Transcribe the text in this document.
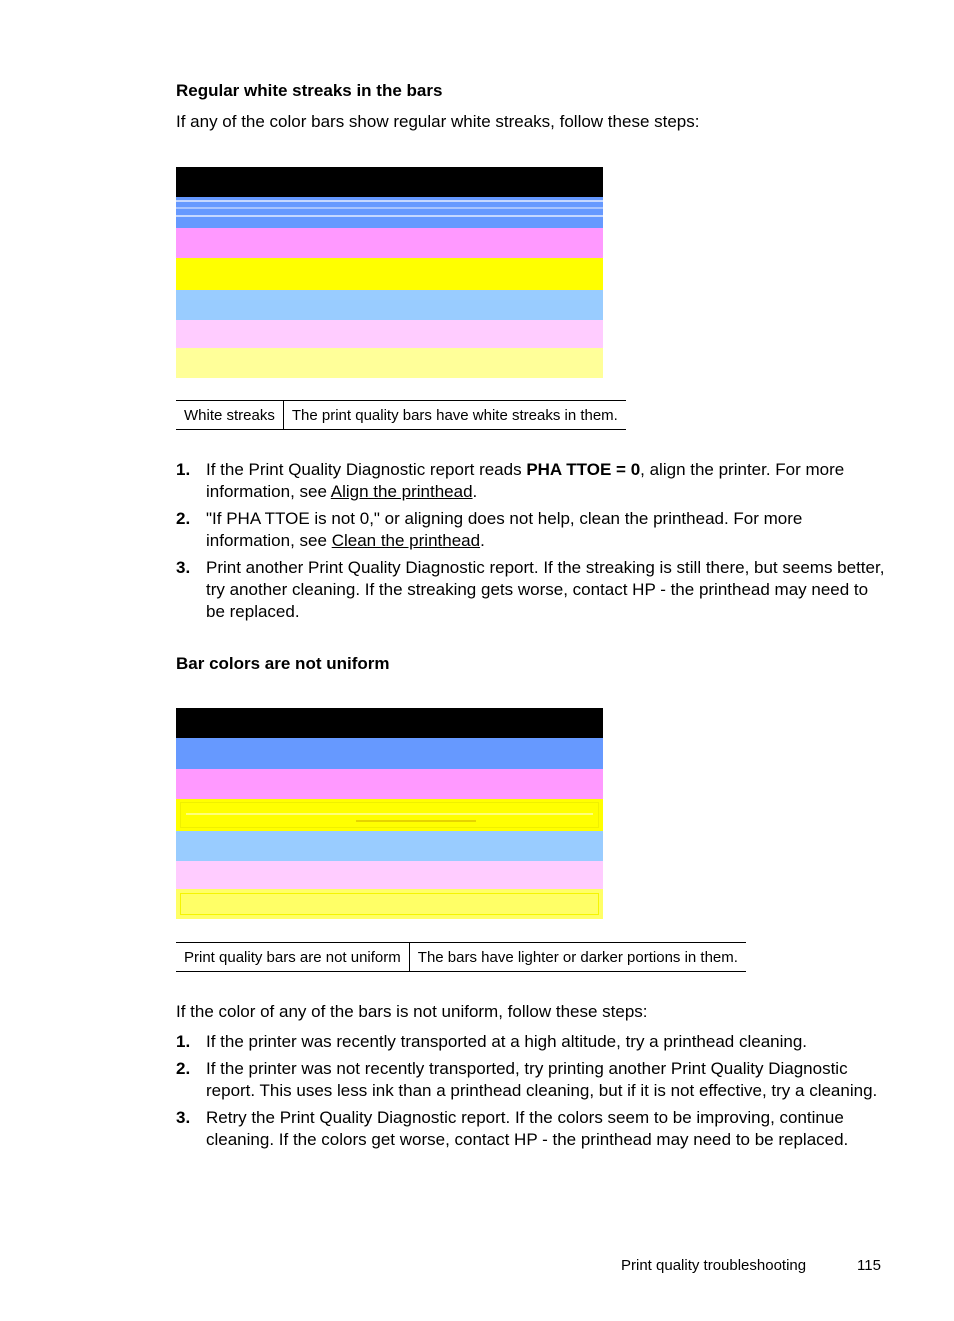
Regular white streaks in the bars
If any of the color bars show regular white streaks, follow these steps:
White streaks	The print quality bars have white streaks in them.
1. If the Print Quality Diagnostic report reads PHA TTOE = 0, align the printer. For more information, see Align the printhead.
2. "If PHA TTOE is not 0," or aligning does not help, clean the printhead. For more information, see Clean the printhead.
3. Print another Print Quality Diagnostic report. If the streaking is still there, but seems better, try another cleaning. If the streaking gets worse, contact HP - the printhead may need to be replaced.
Bar colors are not uniform
Print quality bars are not uniform	The bars have lighter or darker portions in them.
If the color of any of the bars is not uniform, follow these steps:
1. If the printer was recently transported at a high altitude, try a printhead cleaning.
2. If the printer was not recently transported, try printing another Print Quality Diagnostic report. This uses less ink than a printhead cleaning, but if it is not effective, try a cleaning.
3. Retry the Print Quality Diagnostic report. If the colors seem to be improving, continue cleaning. If the colors get worse, contact HP - the printhead may need to be replaced.
Print quality troubleshooting	115
